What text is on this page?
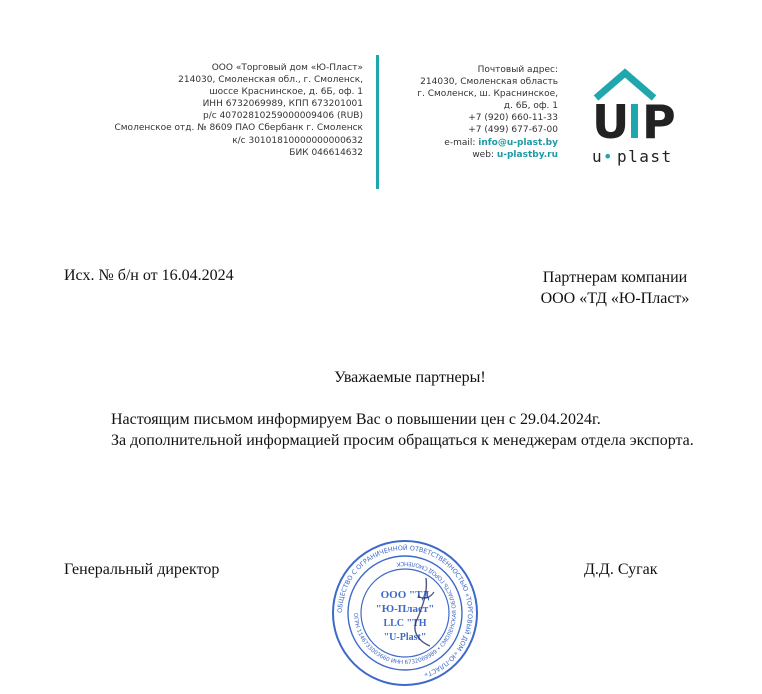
ООО «Торговый дом «Ю-Пласт»
214030, Смоленская обл., г. Смоленск,
шоссе Краснинское, д. 6Б, оф. 1
ИНН 6732069989, КПП 673201001
р/с 40702810259000009406 (RUB)
Смоленское отд. № 8609 ПАО Сбербанк г. Смоленск
к/с 30101810000000000632
БИК 046614632
Почтовый адрес:
214030, Смоленская область
г. Смоленск, ш. Краснинское,
д. 6Б, оф. 1
+7 (920) 660-11-33
+7 (499) 677-67-00
e-mail: info@u-plast.by
web: u-plastby.ru
U P
u • plast
Исх. № б/н от 16.04.2024	Партнерам компании
ООО «ТД «Ю-Пласт»
Уважаемые партнеры!

Настоящим письмом информируем Вас о повышении цен с 29.04.2024г.

За дополнительной информацией просим обращаться к менеджерам отдела экспорта.

Генеральный директор	Д.Д. Сугак
ОБЩЕСТВО С ОГРАНИЧЕННОЙ ОТВЕТСТВЕННОСТЬЮ «ТОРГОВЫЙ ДОМ «Ю-ПЛАСТ»
ОГРН 1146733003660 ИНН 6732069989 • СМОЛЕНСКАЯ ОБЛАСТЬ ГОРОД СМОЛЕНСК
ООО "ТД
"Ю-Пласт"
LLC "TH
"U-Plast"
